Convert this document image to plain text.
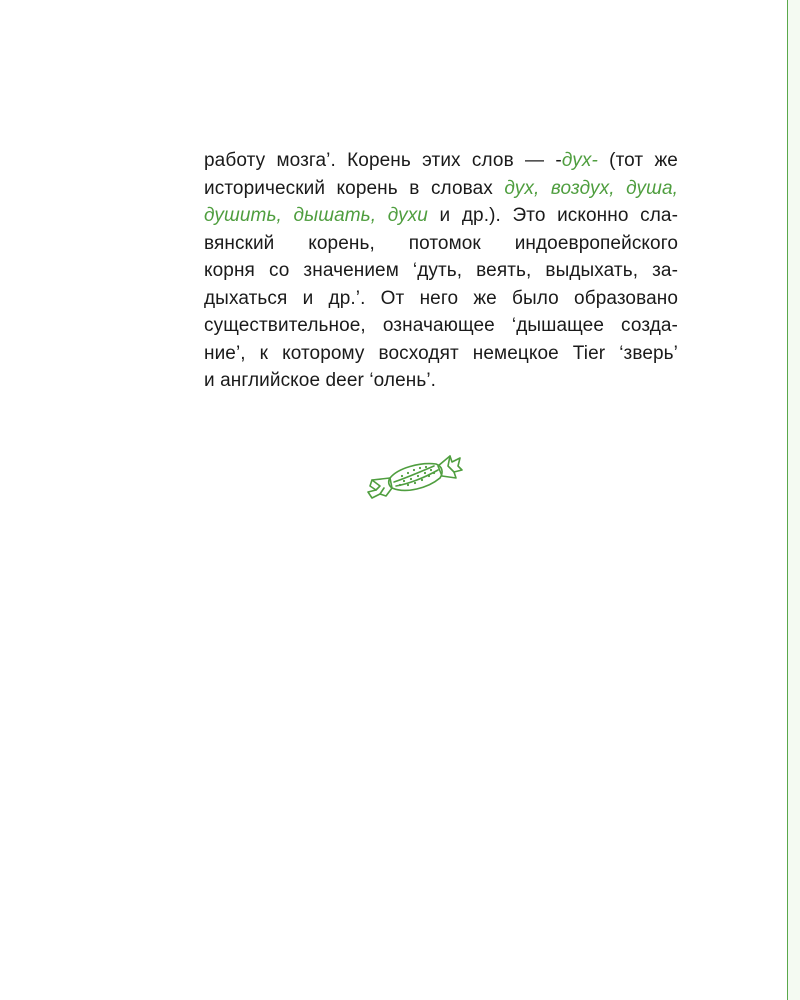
работу мозга’. Корень этих слов — -дух- (тот же
исторический корень в словах дух, воздух, душа,
душить, дышать, духи и др.). Это исконно сла-
вянский корень, потомок индоевропейского
корня со значением ‘дуть, веять, выдыхать, за-
дыхаться и др.’. От него же было образовано
существительное, означающее ‘дышащее созда-
ние’, к которому восходят немецкое Tier ‘зверь’
и английское deer ‘олень’.
